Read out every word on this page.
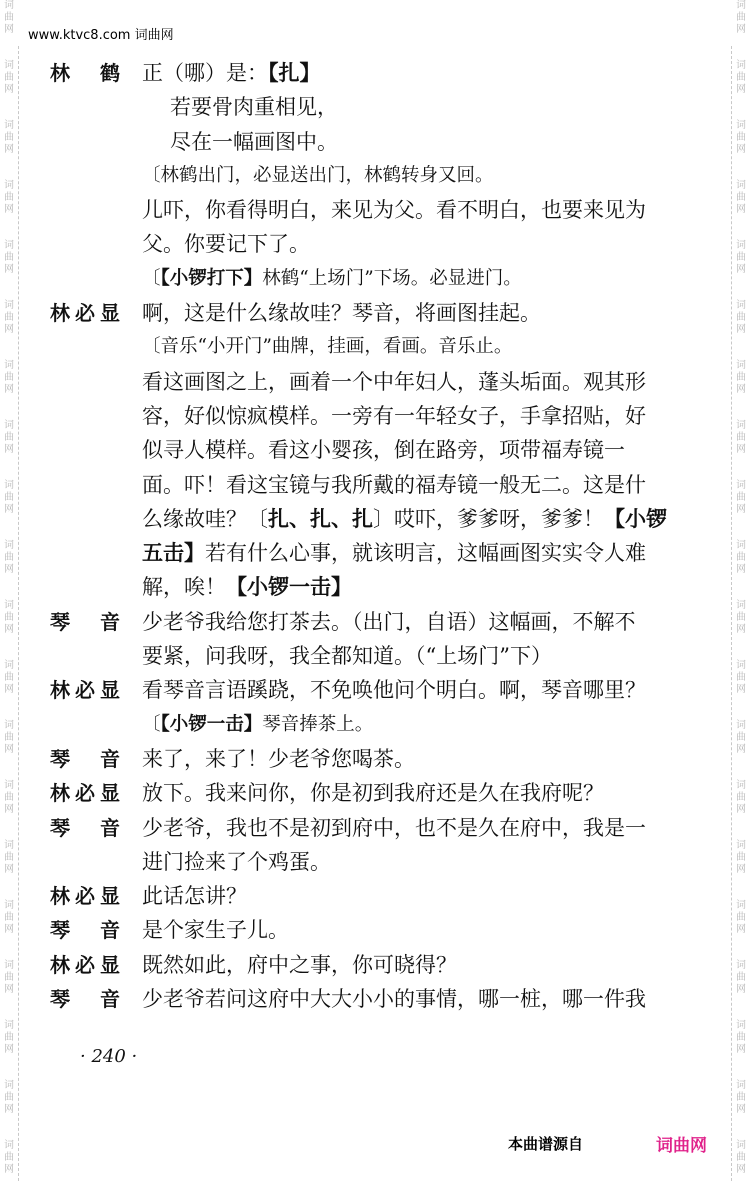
词
曲
网
词
曲
网
词
曲
网
词
曲
网
词
曲
网
词
曲
网
词
曲
网
词
曲
网
词
曲
网
词
曲
网
词
曲
网
词
曲
网
词
曲
网
词
曲
网
词
曲
网
词
曲
网
词
曲
网
词
曲
网
词
曲
网
词
曲
网
词
曲
网
词
曲
网
词
曲
网
词
曲
网
词
曲
网
词
曲
网
词
曲
网
词
曲
网
词
曲
网
词
曲
网
词
曲
网
词
曲
网
词
曲
网
词
曲
网
词
曲
网
词
曲
网
词
曲
网
词
曲
网
词
曲
网
词
曲
网
www.ktvc8.com 词曲网
林　鹤 正（哪）是：【扎】
若要骨肉重相见，
尽在一幅画图中。
〔林鹤出门，必显送出门，林鹤转身又回。
儿吓，你看得明白，来见为父。看不明白，也要来见为
父。你要记下了。
〔【小锣打下】林鹤“上场门”下场。必显进门。
林必显 啊，这是什么缘故哇？琴音，将画图挂起。
〔音乐“小开门”曲牌，挂画，看画。音乐止。
看这画图之上，画着一个中年妇人，蓬头垢面。观其形
容，好似惊疯模样。一旁有一年轻女子，手拿招贴，好
似寻人模样。看这小婴孩，倒在路旁，项带福寿镜一
面。吓！看这宝镜与我所戴的福寿镜一般无二。这是什
么缘故哇？〔扎、扎、扎〕哎吓，爹爹呀，爹爹！【小锣
五击】若有什么心事，就该明言，这幅画图实实令人难
解，唉！【小锣一击】
琴　音 少老爷我给您打茶去。（出门，自语）这幅画，不解不
要紧，问我呀，我全都知道。（“上场门”下）
林必显 看琴音言语蹊跷，不免唤他问个明白。啊，琴音哪里？
〔【小锣一击】琴音捧茶上。
琴　音 来了，来了！少老爷您喝茶。
林必显 放下。我来问你，你是初到我府还是久在我府呢？
琴　音 少老爷，我也不是初到府中，也不是久在府中，我是一
进门捡来了个鸡蛋。
林必显 此话怎讲？
琴　音 是个家生子儿。
林必显 既然如此，府中之事，你可晓得？
琴　音 少老爷若问这府中大大小小的事情，哪一桩，哪一件我
· 240 ·
本曲谱源自	词曲网
